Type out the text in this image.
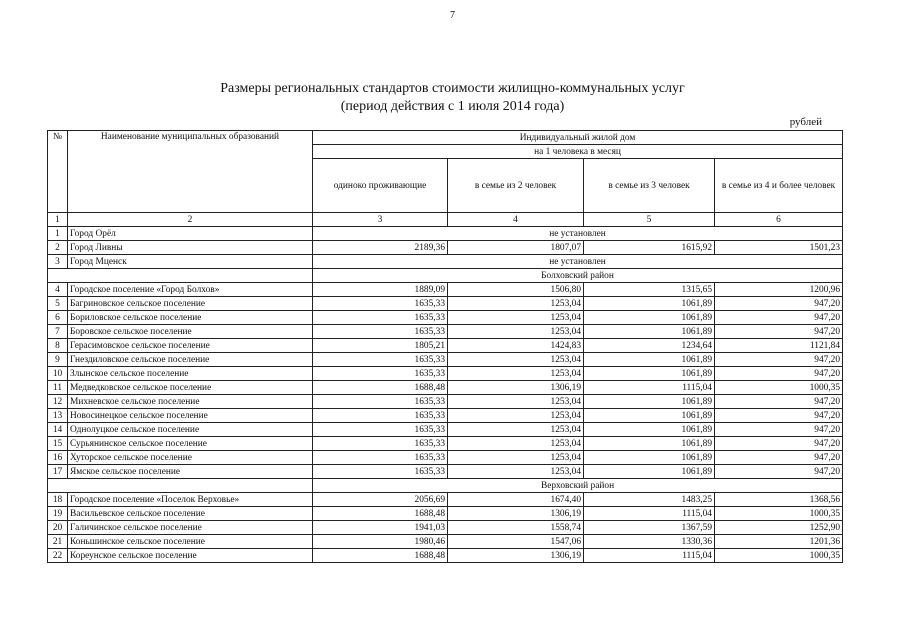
7
Размеры региональных стандартов стоимости жилищно-коммунальных услуг
(период действия с 1 июля 2014 года)
рублей
№	Наименование муниципальных образований	Индивидуальный жилой дом			
		на 1 человека в месяц			
		одиноко проживающие	в семье из 2 человек	в семье из 3 человек	в семье из 4 и более человек
1	2	3	4	5	6
1	Город Орёл	не установлен			
2	Город Ливны	2189,36	1807,07	1615,92	1501,23
3	Город Мценск	не установлен			
		Болховский район			
4	Городское поселение «Город Болхов»	1889,09	1506,80	1315,65	1200,96
5	Багриновское сельское поселение	1635,33	1253,04	1061,89	947,20
6	Бориловское сельское поселение	1635,33	1253,04	1061,89	947,20
7	Боровское сельское поселение	1635,33	1253,04	1061,89	947,20
8	Герасимовское сельское поселение	1805,21	1424,83	1234,64	1121,84
9	Гнездиловское сельское поселение	1635,33	1253,04	1061,89	947,20
10	Злынское сельское поселение	1635,33	1253,04	1061,89	947,20
11	Медведковское сельское поселение	1688,48	1306,19	1115,04	1000,35
12	Михневское сельское поселение	1635,33	1253,04	1061,89	947,20
13	Новосинецкое сельское поселение	1635,33	1253,04	1061,89	947,20
14	Однолуцкое сельское поселение	1635,33	1253,04	1061,89	947,20
15	Сурьянинское сельское поселение	1635,33	1253,04	1061,89	947,20
16	Хуторское сельское поселение	1635,33	1253,04	1061,89	947,20
17	Ямское сельское поселение	1635,33	1253,04	1061,89	947,20
		Верховский район			
18	Городское поселение «Поселок Верховье»	2056,69	1674,40	1483,25	1368,56
19	Васильевское сельское поселение	1688,48	1306,19	1115,04	1000,35
20	Галичинское сельское поселение	1941,03	1558,74	1367,59	1252,90
21	Коньшинское сельское поселение	1980,46	1547,06	1330,36	1201,36
22	Кореунское сельское поселение	1688,48	1306,19	1115,04	1000,35
